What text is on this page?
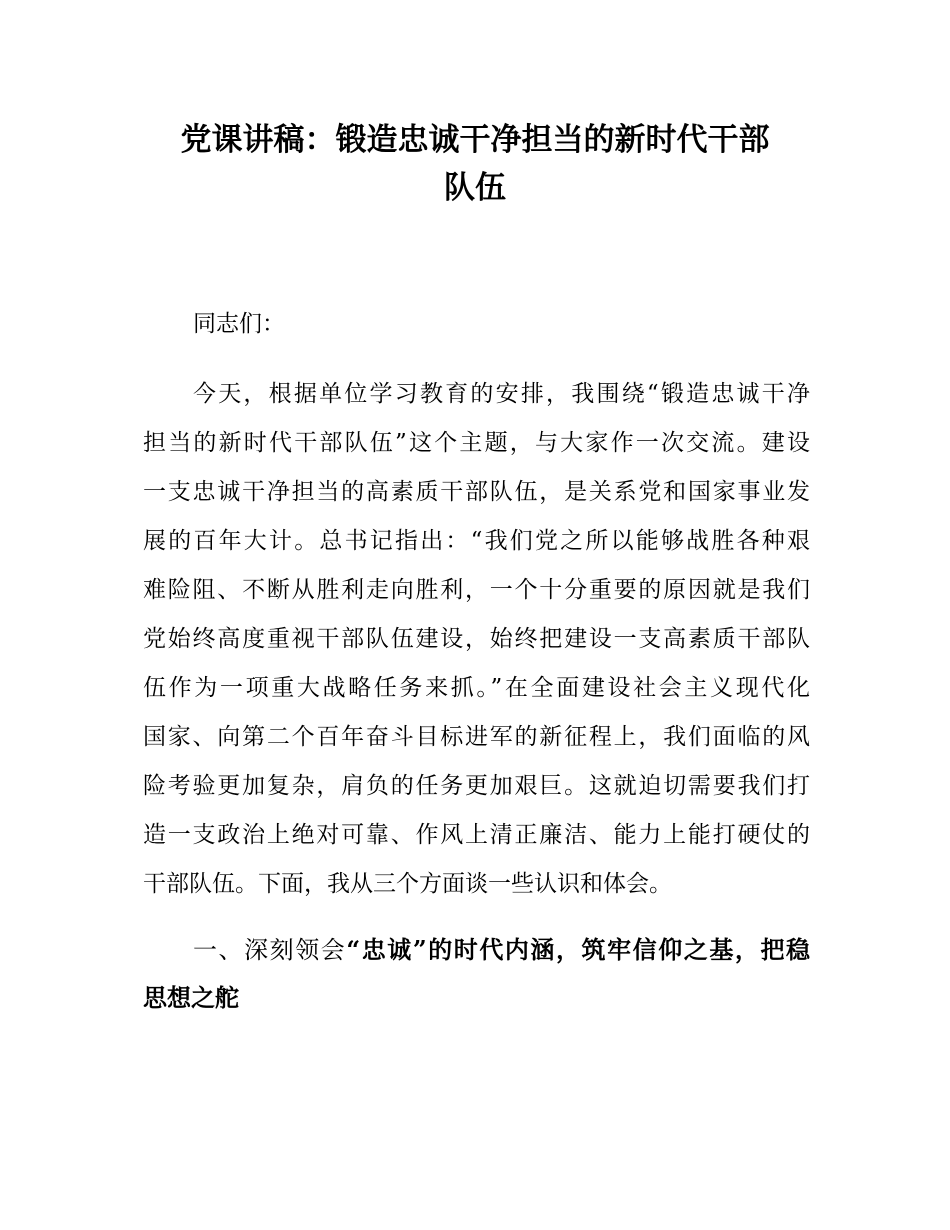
党课讲稿：锻造忠诚干净担当的新时代干部
队伍
同志们：
今天，根据单位学习教育的安排，我围绕“锻造忠诚干净
担当的新时代干部队伍”这个主题，与大家作一次交流。建设
一支忠诚干净担当的高素质干部队伍，是关系党和国家事业发
展的百年大计。总书记指出：“我们党之所以能够战胜各种艰
难险阻、不断从胜利走向胜利，一个十分重要的原因就是我们
党始终高度重视干部队伍建设，始终把建设一支高素质干部队
伍作为一项重大战略任务来抓。”在全面建设社会主义现代化
国家、向第二个百年奋斗目标进军的新征程上，我们面临的风
险考验更加复杂，肩负的任务更加艰巨。这就迫切需要我们打
造一支政治上绝对可靠、作风上清正廉洁、能力上能打硬仗的
干部队伍。下面，我从三个方面谈一些认识和体会。
一、深刻领会“忠诚”的时代内涵，筑牢信仰之基，把稳
思想之舵
